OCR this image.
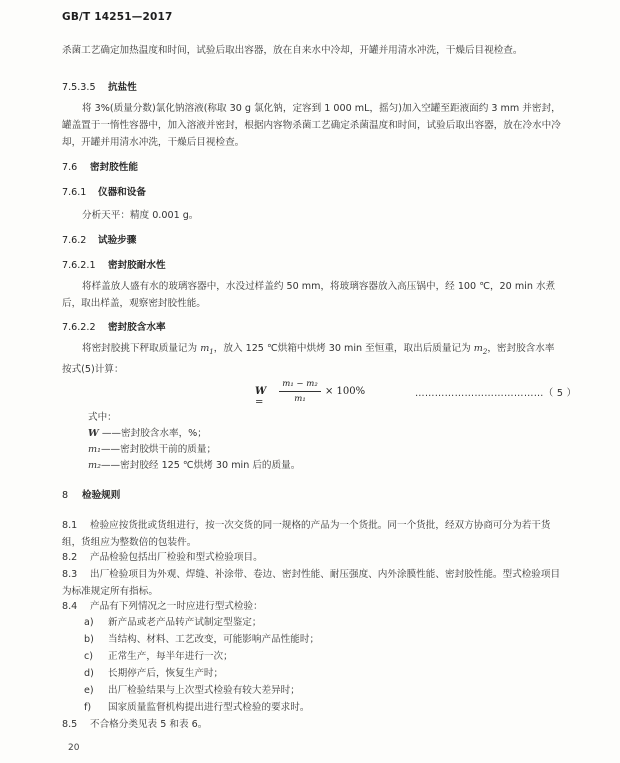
GB/T 14251—2017
杀菌工艺确定加热温度和时间，试验后取出容器，放在自来水中冷却，开罐并用清水冲洗，干燥后目视检查。
7.5.3.5 抗盐性
将 3%(质量分数)氯化钠溶液(称取 30 g 氯化钠，定容到 1 000 mL，摇匀)加入空罐至距液面约 3 mm 并密封，罐盖置于一惰性容器中，加入溶液并密封，根据内容物杀菌工艺确定杀菌温度和时间，试验后取出容器，放在冷水中冷却，开罐并用清水冲洗，干燥后目视检查。
7.6 密封胶性能
7.6.1 仪器和设备
分析天平：精度 0.001 g。
7.6.2 试验步骤
7.6.2.1 密封胶耐水性
将样盖放人盛有水的玻璃容器中，水没过样盖约 50 mm，将玻璃容器放入高压锅中，经 100 ℃，20 min 水煮后，取出样盖，观察密封胶性能。
7.6.2.2 密封胶含水率
将密封胶挑下秤取质量记为 $m_1$，放入 125 ℃烘箱中烘烤 30 min 至恒重，取出后质量记为 $m_2$，密封胶含水率按式(5)计算：
W =
m₁ − m₂
m₁
× 100%	…………………………………（ 5 ）
式中：
W ——密封胶含水率，%；
m₁——密封胶烘干前的质量；
m₂——密封胶经 125 ℃烘烤 30 min 后的质量。
8 检验规则
8.1 检验应按货批或货组进行，按一次交货的同一规格的产品为一个货批。同一个货批，经双方协商可分为若干货组，货组应为整数倍的包装件。
8.2 产品检验包括出厂检验和型式检验项目。
8.3 出厂检验项目为外观、焊缝、补涂带、卷边、密封性能、耐压强度、内外涂膜性能、密封胶性能。型式检验项目为标准规定所有指标。
8.4 产品有下列情况之一时应进行型式检验：
a) 新产品或老产品转产试制定型鉴定；
b) 当结构、材料、工艺改变，可能影响产品性能时；
c) 正常生产，每半年进行一次；
d) 长期停产后，恢复生产时；
e) 出厂检验结果与上次型式检验有较大差异时；
f) 国家质量监督机构提出进行型式检验的要求时。
8.5 不合格分类见表 5 和表 6。
20
